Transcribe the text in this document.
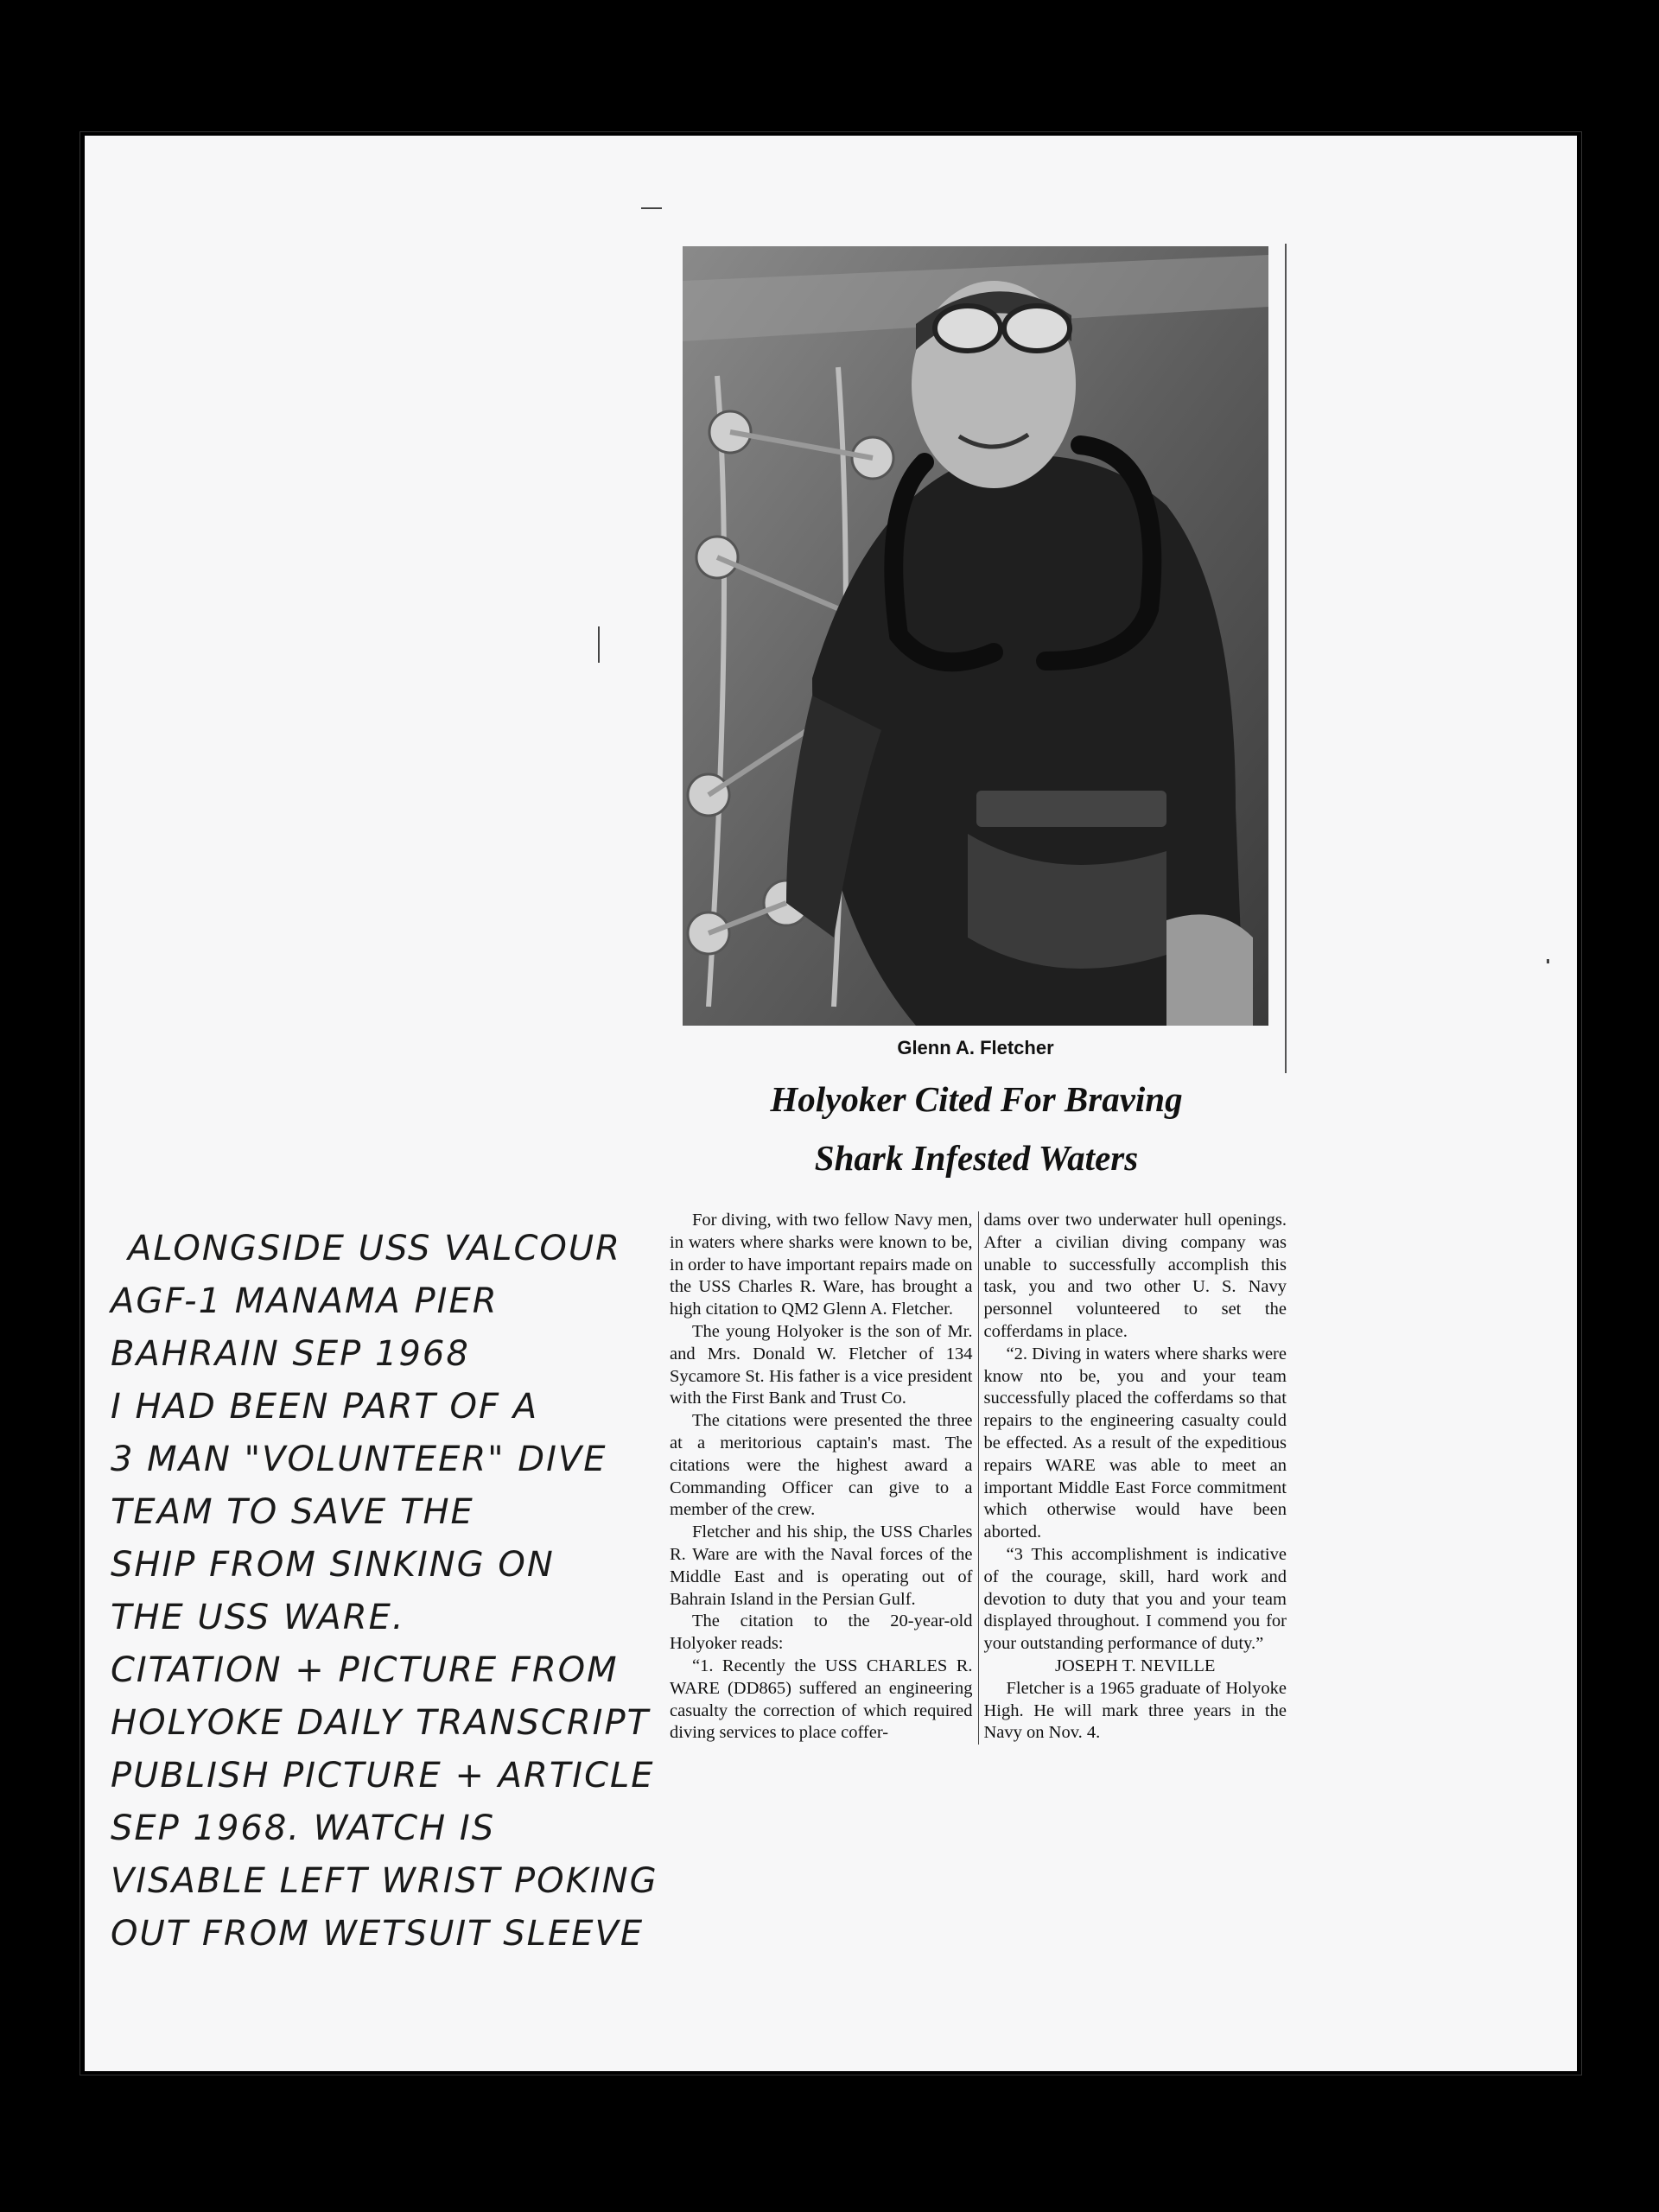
Glenn A. Fletcher
Holyoker Cited For Braving
Shark Infested Waters

For diving, with two fellow Navy men, in waters where sharks were known to be, in order to have important repairs made on the USS Charles R. Ware, has brought a high citation to QM2 Glenn A. Fletcher.

The young Holyoker is the son of Mr. and Mrs. Donald W. Fletcher of 134 Sycamore St. His father is a vice president with the First Bank and Trust Co.

The citations were presented the three at a meritorious captain's mast. The citations were the highest award a Commanding Officer can give to a member of the crew.

Fletcher and his ship, the USS Charles R. Ware are with the Naval forces of the Middle East and is operating out of Bahrain Island in the Persian Gulf.

The citation to the 20-year-old Holyoker reads:

“1. Recently the USS CHARLES R. WARE (DD865) suffered an engineering casualty the correction of which required diving services to place coffer-

dams over two underwater hull openings. After a civilian diving company was unable to successfully accomplish this task, you and two other U. S. Navy personnel volunteered to set the cofferdams in place.

“2. Diving in waters where sharks were know nto be, you and your team successfully placed the cofferdams so that repairs to the engineering casualty could be effected. As a result of the expeditious repairs WARE was able to meet an important Middle East Force commitment which otherwise would have been aborted.

“3 This accomplishment is indicative of the courage, skill, hard work and devotion to duty that you and your team displayed throughout. I commend you for your outstanding performance of duty.”

JOSEPH T. NEVILLE

Fletcher is a 1965 graduate of Holyoke High. He will mark three years in the Navy on Nov. 4.

ALONGSIDE USS VALCOUR
AGF-1 MANAMA PIER
BAHRAIN SEP 1968
I HAD BEEN PART OF A
3 MAN "VOLUNTEER" DIVE
TEAM TO SAVE THE
SHIP FROM SINKING ON
THE USS WARE.
CITATION + PICTURE FROM
HOLYOKE DAILY TRANSCRIPT
PUBLISH PICTURE + ARTICLE
SEP 1968. WATCH IS
VISABLE LEFT WRIST POKING
OUT FROM WETSUIT SLEEVE
